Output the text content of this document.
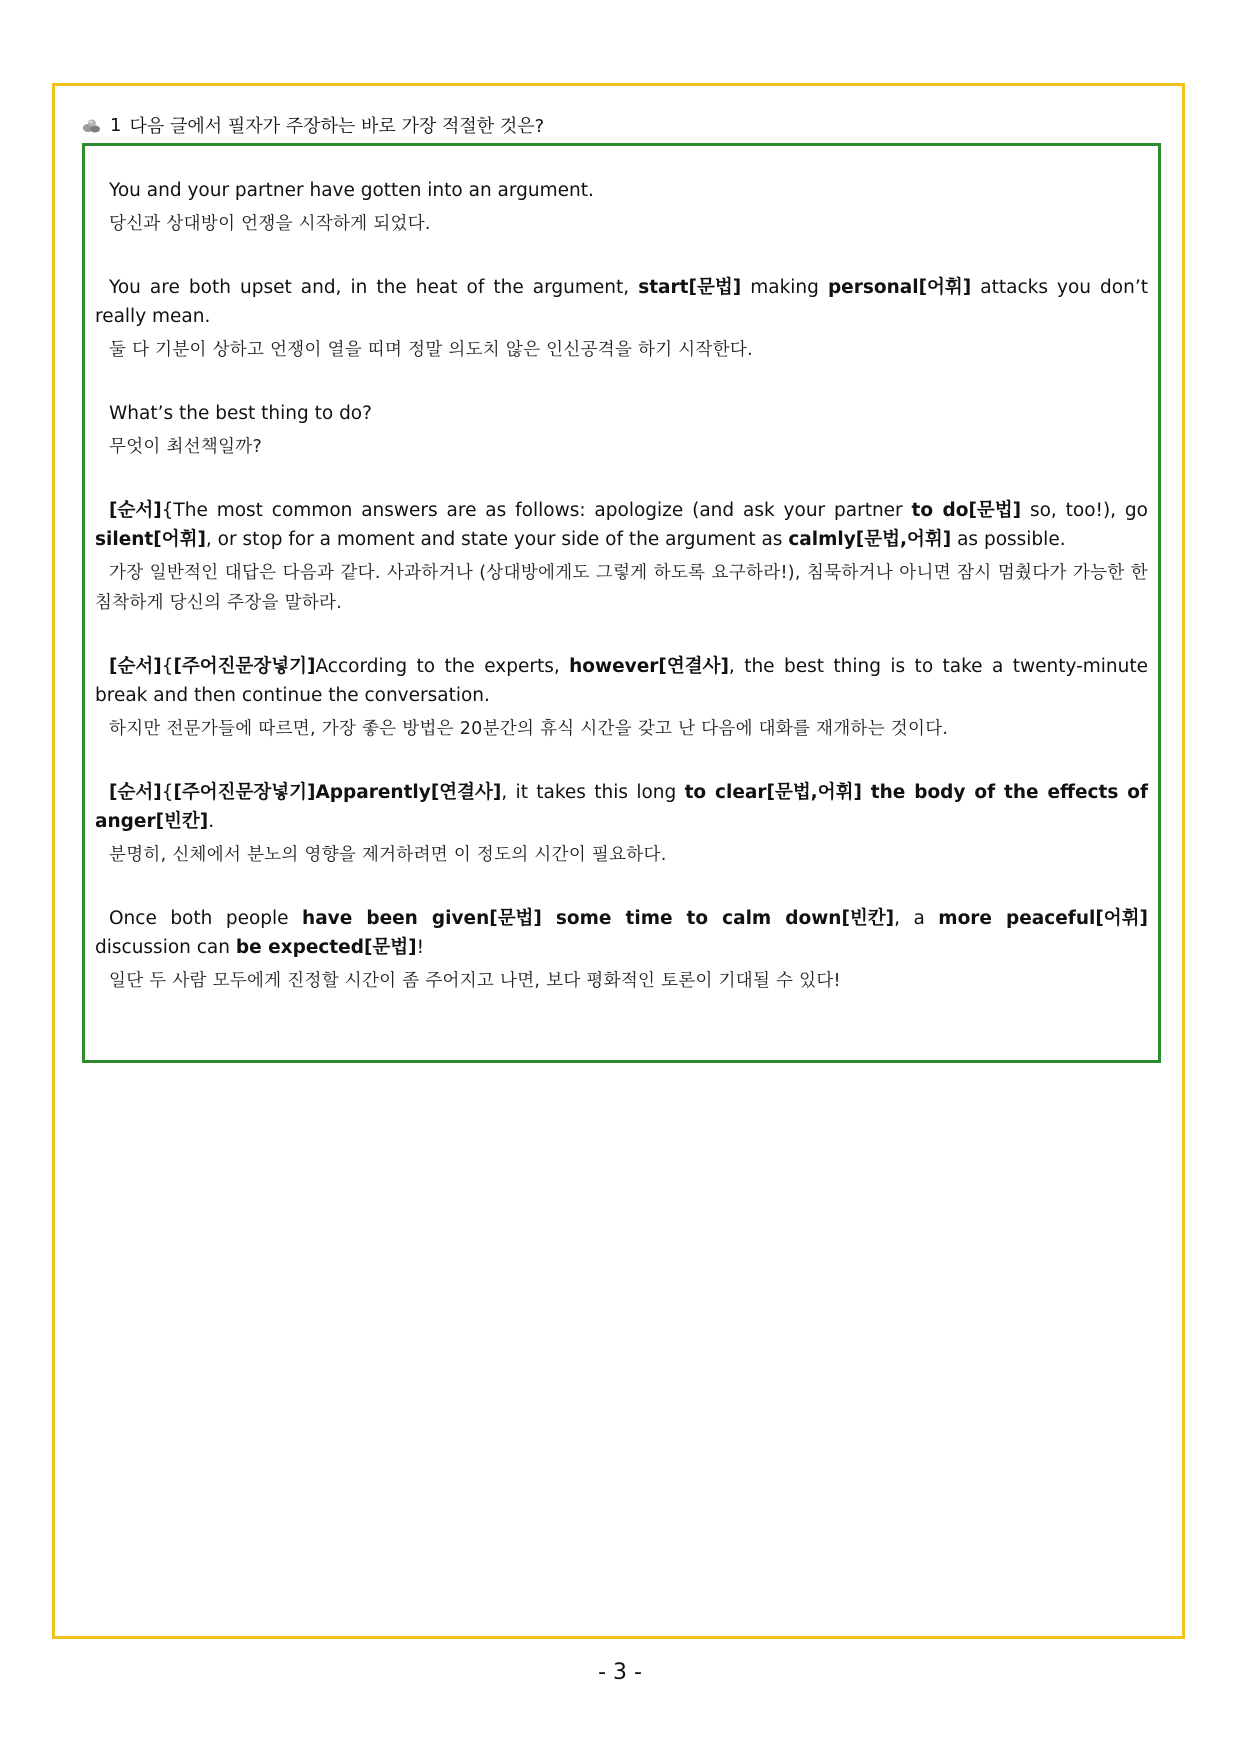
1 다음 글에서 필자가 주장하는 바로 가장 적절한 것은?
You and your partner have gotten into an argument.
당신과 상대방이 언쟁을 시작하게 되었다.
You are both upset and, in the heat of the argument, start[문법] making personal[어휘] attacks you don’t really mean.
둘 다 기분이 상하고 언쟁이 열을 띠며 정말 의도치 않은 인신공격을 하기 시작한다.
What’s the best thing to do?
무엇이 최선책일까?
[순서]{The most common answers are as follows: apologize (and ask your partner to do[문법] so, too!), go silent[어휘], or stop for a moment and state your side of the argument as calmly[문법,어휘] as possible.
가장 일반적인 대답은 다음과 같다. 사과하거나 (상대방에게도 그렇게 하도록 요구하라!), 침묵하거나 아니면 잠시 멈췄다가 가능한 한 침착하게 당신의 주장을 말하라.
[순서]{[주어진문장넣기]According to the experts, however[연결사], the best thing is to take a twenty-minute break and then continue the conversation.
하지만 전문가들에 따르면, 가장 좋은 방법은 20분간의 휴식 시간을 갖고 난 다음에 대화를 재개하는 것이다.
[순서]{[주어진문장넣기]Apparently[연결사], it takes this long to clear[문법,어휘] the body of the effects of anger[빈칸].
분명히, 신체에서 분노의 영향을 제거하려면 이 정도의 시간이 필요하다.
Once both people have been given[문법] some time to calm down[빈칸], a more peaceful[어휘] discussion can be expected[문법]!
일단 두 사람 모두에게 진정할 시간이 좀 주어지고 나면, 보다 평화적인 토론이 기대될 수 있다!
- 3 -
